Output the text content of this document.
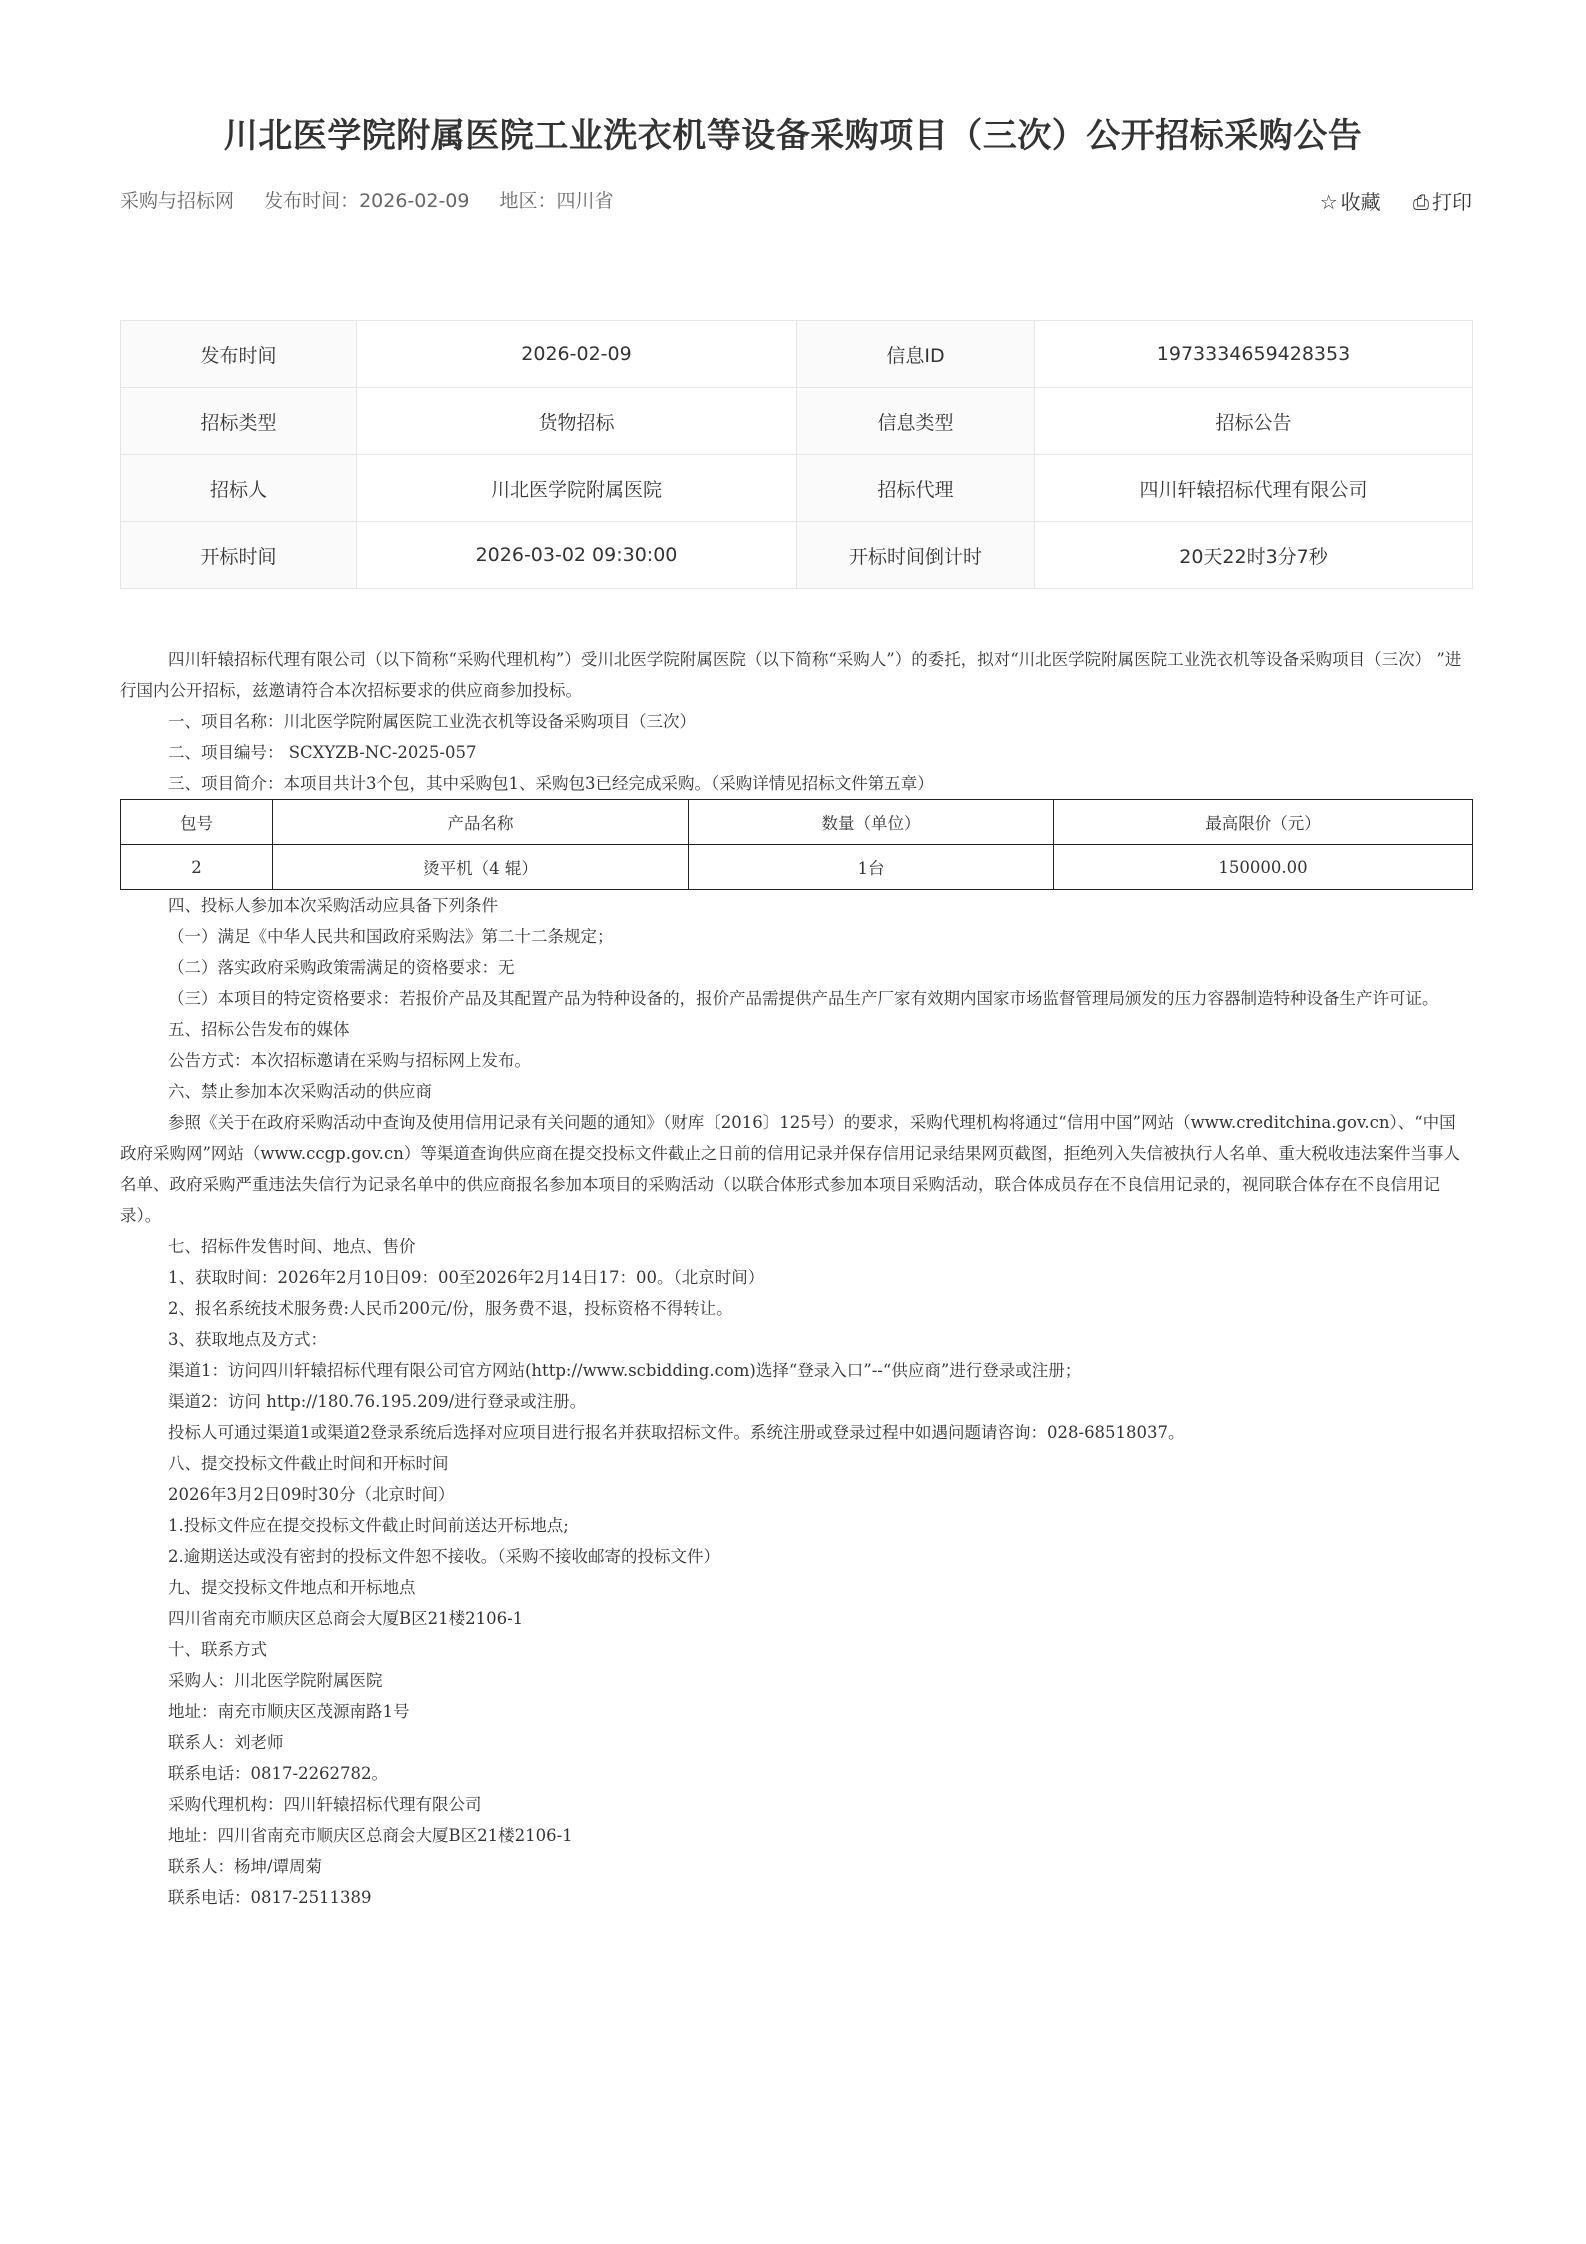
川北医学院附属医院工业洗衣机等设备采购项目（三次）公开招标采购公告
采购与招标网 发布时间：2026-02-09 地区：四川省	☆ 收藏 ⎙ 打印
发布时间	2026-02-09	信息ID	1973334659428353
招标类型	货物招标	信息类型	招标公告
招标人	川北医学院附属医院	招标代理	四川轩辕招标代理有限公司
开标时间	2026-03-02 09:30:00	开标时间倒计时	20天22时3分7秒

四川轩辕招标代理有限公司（以下简称“采购代理机构”）受川北医学院附属医院（以下简称“采购人”）的委托，拟对“川北医学院附属医院工业洗衣机等设备采购项目（三次） ”进行国内公开招标，兹邀请符合本次招标要求的供应商参加投标。

一、项目名称：川北医学院附属医院工业洗衣机等设备采购项目（三次）

二、项目编号： SCXYZB-NC-2025-057

三、项目简介：本项目共计3个包，其中采购包1、采购包3已经完成采购。（采购详情见招标文件第五章）

包号	产品名称	数量（单位）	最高限价（元）
2	烫平机（4 辊）	1台	150000.00

四、投标人参加本次采购活动应具备下列条件

（一）满足《中华人民共和国政府采购法》第二十二条规定；

（二）落实政府采购政策需满足的资格要求：无

（三）本项目的特定资格要求：若报价产品及其配置产品为特种设备的，报价产品需提供产品生产厂家有效期内国家市场监督管理局颁发的压力容器制造特种设备生产许可证。

五、招标公告发布的媒体

公告方式：本次招标邀请在采购与招标网上发布。

六、禁止参加本次采购活动的供应商

参照《关于在政府采购活动中查询及使用信用记录有关问题的通知》（财库〔2016〕125号）的要求，采购代理机构将通过“信用中国”网站（www.creditchina.gov.cn）、“中国政府采购网”网站（www.ccgp.gov.cn）等渠道查询供应商在提交投标文件截止之日前的信用记录并保存信用记录结果网页截图，拒绝列入失信被执行人名单、重大税收违法案件当事人名单、政府采购严重违法失信行为记录名单中的供应商报名参加本项目的采购活动（以联合体形式参加本项目采购活动，联合体成员存在不良信用记录的，视同联合体存在不良信用记录）。

七、招标件发售时间、地点、售价

1、获取时间：2026年2月10日09：00至2026年2月14日17：00。（北京时间）

2、报名系统技术服务费:人民币200元/份，服务费不退，投标资格不得转让。

3、获取地点及方式：

渠道1：访问四川轩辕招标代理有限公司官方网站(http://www.scbidding.com)选择“登录入口”--“供应商”进行登录或注册；

渠道2：访问 http://180.76.195.209/进行登录或注册。

投标人可通过渠道1或渠道2登录系统后选择对应项目进行报名并获取招标文件。系统注册或登录过程中如遇问题请咨询：028-68518037。

八、提交投标文件截止时间和开标时间

2026年3月2日09时30分（北京时间）

1.投标文件应在提交投标文件截止时间前送达开标地点;

2.逾期送达或没有密封的投标文件恕不接收。（采购不接收邮寄的投标文件）

九、提交投标文件地点和开标地点

四川省南充市顺庆区总商会大厦B区21楼2106-1

十、联系方式

采购人：川北医学院附属医院

地址：南充市顺庆区茂源南路1号

联系人：刘老师

联系电话：0817-2262782。

采购代理机构：四川轩辕招标代理有限公司

地址：四川省南充市顺庆区总商会大厦B区21楼2106-1

联系人：杨坤/谭周菊

联系电话：0817-2511389
